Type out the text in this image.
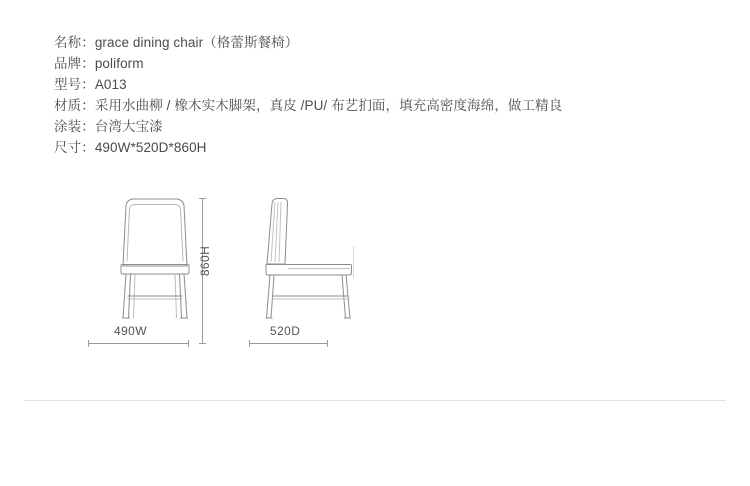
名称：grace dining chair（格蕾斯餐椅）
品牌：poliform
型号：A013
材质：采用水曲柳 / 橡木实木脚架，真皮 /PU/ 布艺扪面，填充高密度海绵，做工精良
涂装：台湾大宝漆
尺寸：490W*520D*860H
490W	520D
860H
